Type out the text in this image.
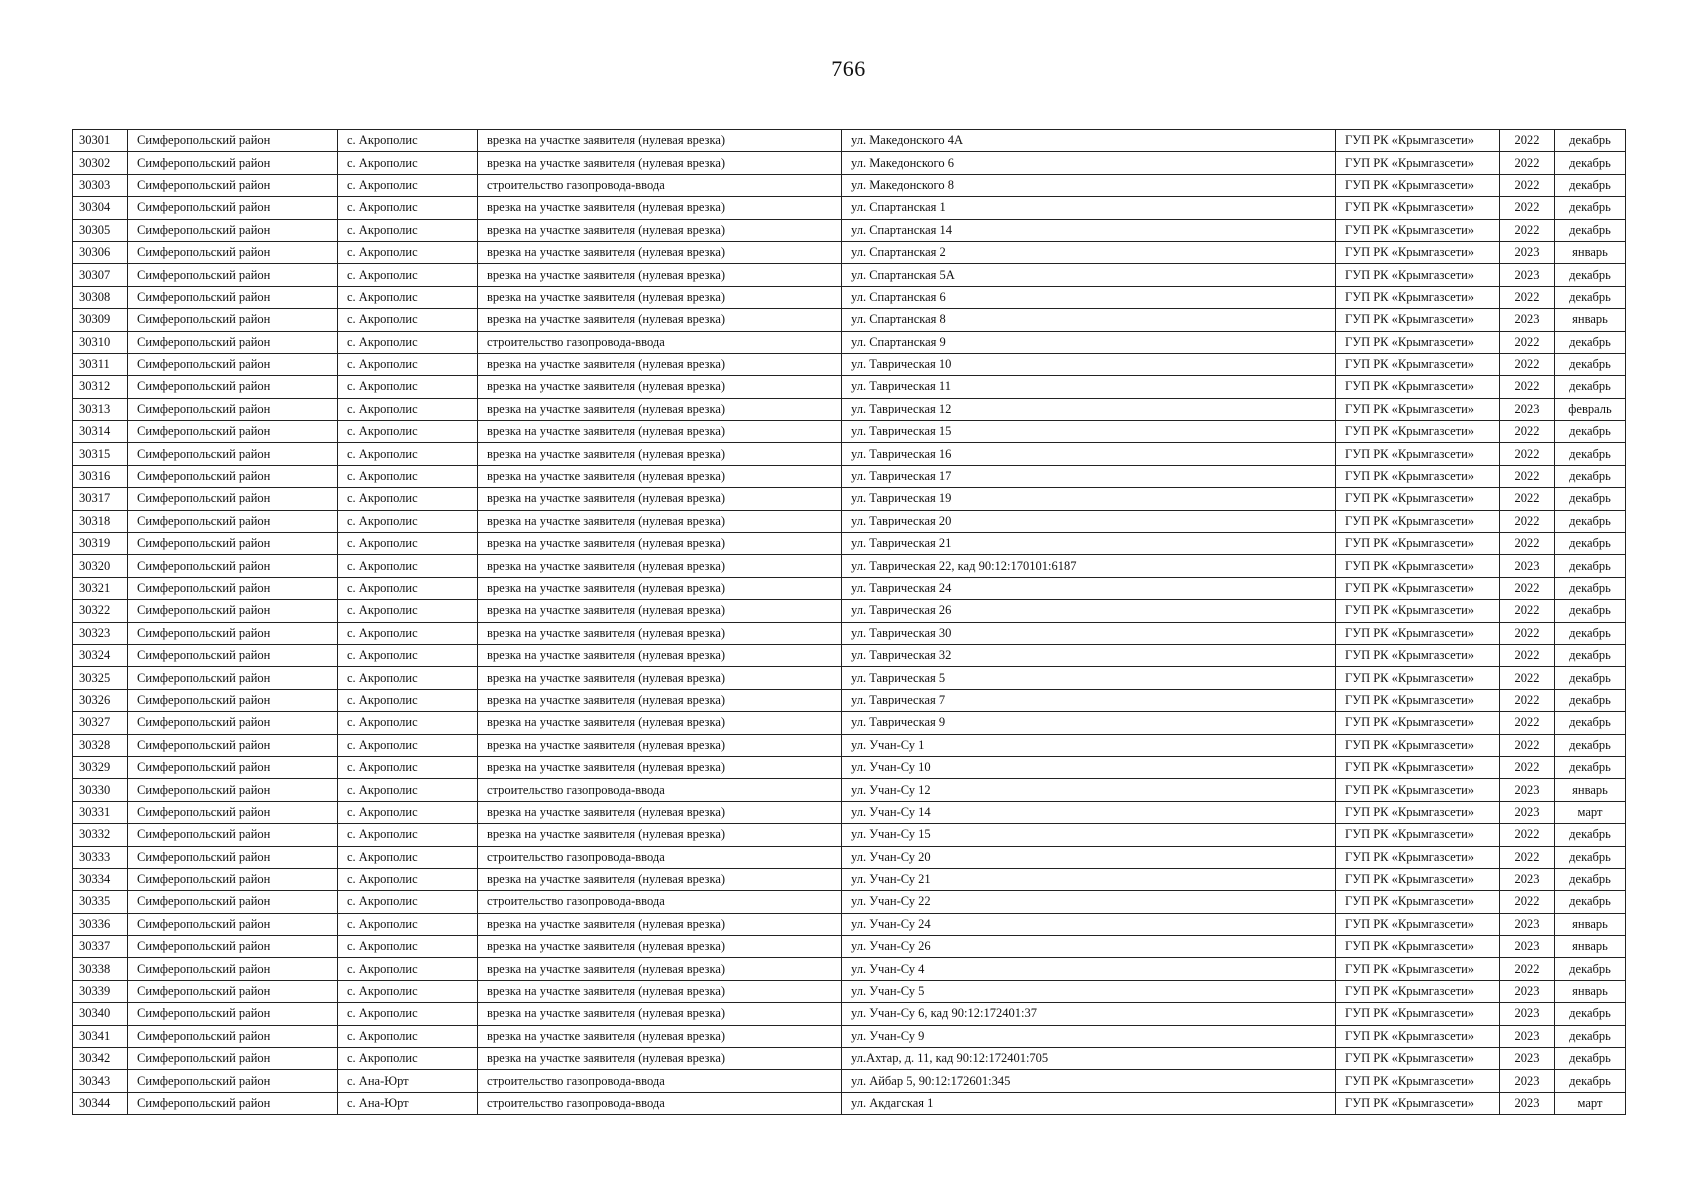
766
30301	Симферопольский район	с. Акрополис	врезка на участке заявителя (нулевая врезка)	ул. Македонского 4А	ГУП РК «Крымгазсети»	2022	декабрь
30302	Симферопольский район	с. Акрополис	врезка на участке заявителя (нулевая врезка)	ул. Македонского 6	ГУП РК «Крымгазсети»	2022	декабрь
30303	Симферопольский район	с. Акрополис	строительство газопровода-ввода	ул. Македонского 8	ГУП РК «Крымгазсети»	2022	декабрь
30304	Симферопольский район	с. Акрополис	врезка на участке заявителя (нулевая врезка)	ул. Спартанская 1	ГУП РК «Крымгазсети»	2022	декабрь
30305	Симферопольский район	с. Акрополис	врезка на участке заявителя (нулевая врезка)	ул. Спартанская 14	ГУП РК «Крымгазсети»	2022	декабрь
30306	Симферопольский район	с. Акрополис	врезка на участке заявителя (нулевая врезка)	ул. Спартанская 2	ГУП РК «Крымгазсети»	2023	январь
30307	Симферопольский район	с. Акрополис	врезка на участке заявителя (нулевая врезка)	ул. Спартанская 5А	ГУП РК «Крымгазсети»	2023	декабрь
30308	Симферопольский район	с. Акрополис	врезка на участке заявителя (нулевая врезка)	ул. Спартанская 6	ГУП РК «Крымгазсети»	2022	декабрь
30309	Симферопольский район	с. Акрополис	врезка на участке заявителя (нулевая врезка)	ул. Спартанская 8	ГУП РК «Крымгазсети»	2023	январь
30310	Симферопольский район	с. Акрополис	строительство газопровода-ввода	ул. Спартанская 9	ГУП РК «Крымгазсети»	2022	декабрь
30311	Симферопольский район	с. Акрополис	врезка на участке заявителя (нулевая врезка)	ул. Таврическая 10	ГУП РК «Крымгазсети»	2022	декабрь
30312	Симферопольский район	с. Акрополис	врезка на участке заявителя (нулевая врезка)	ул. Таврическая 11	ГУП РК «Крымгазсети»	2022	декабрь
30313	Симферопольский район	с. Акрополис	врезка на участке заявителя (нулевая врезка)	ул. Таврическая 12	ГУП РК «Крымгазсети»	2023	февраль
30314	Симферопольский район	с. Акрополис	врезка на участке заявителя (нулевая врезка)	ул. Таврическая 15	ГУП РК «Крымгазсети»	2022	декабрь
30315	Симферопольский район	с. Акрополис	врезка на участке заявителя (нулевая врезка)	ул. Таврическая 16	ГУП РК «Крымгазсети»	2022	декабрь
30316	Симферопольский район	с. Акрополис	врезка на участке заявителя (нулевая врезка)	ул. Таврическая 17	ГУП РК «Крымгазсети»	2022	декабрь
30317	Симферопольский район	с. Акрополис	врезка на участке заявителя (нулевая врезка)	ул. Таврическая 19	ГУП РК «Крымгазсети»	2022	декабрь
30318	Симферопольский район	с. Акрополис	врезка на участке заявителя (нулевая врезка)	ул. Таврическая 20	ГУП РК «Крымгазсети»	2022	декабрь
30319	Симферопольский район	с. Акрополис	врезка на участке заявителя (нулевая врезка)	ул. Таврическая 21	ГУП РК «Крымгазсети»	2022	декабрь
30320	Симферопольский район	с. Акрополис	врезка на участке заявителя (нулевая врезка)	ул. Таврическая 22, кад 90:12:170101:6187	ГУП РК «Крымгазсети»	2023	декабрь
30321	Симферопольский район	с. Акрополис	врезка на участке заявителя (нулевая врезка)	ул. Таврическая 24	ГУП РК «Крымгазсети»	2022	декабрь
30322	Симферопольский район	с. Акрополис	врезка на участке заявителя (нулевая врезка)	ул. Таврическая 26	ГУП РК «Крымгазсети»	2022	декабрь
30323	Симферопольский район	с. Акрополис	врезка на участке заявителя (нулевая врезка)	ул. Таврическая 30	ГУП РК «Крымгазсети»	2022	декабрь
30324	Симферопольский район	с. Акрополис	врезка на участке заявителя (нулевая врезка)	ул. Таврическая 32	ГУП РК «Крымгазсети»	2022	декабрь
30325	Симферопольский район	с. Акрополис	врезка на участке заявителя (нулевая врезка)	ул. Таврическая 5	ГУП РК «Крымгазсети»	2022	декабрь
30326	Симферопольский район	с. Акрополис	врезка на участке заявителя (нулевая врезка)	ул. Таврическая 7	ГУП РК «Крымгазсети»	2022	декабрь
30327	Симферопольский район	с. Акрополис	врезка на участке заявителя (нулевая врезка)	ул. Таврическая 9	ГУП РК «Крымгазсети»	2022	декабрь
30328	Симферопольский район	с. Акрополис	врезка на участке заявителя (нулевая врезка)	ул. Учан-Су 1	ГУП РК «Крымгазсети»	2022	декабрь
30329	Симферопольский район	с. Акрополис	врезка на участке заявителя (нулевая врезка)	ул. Учан-Су 10	ГУП РК «Крымгазсети»	2022	декабрь
30330	Симферопольский район	с. Акрополис	строительство газопровода-ввода	ул. Учан-Су 12	ГУП РК «Крымгазсети»	2023	январь
30331	Симферопольский район	с. Акрополис	врезка на участке заявителя (нулевая врезка)	ул. Учан-Су 14	ГУП РК «Крымгазсети»	2023	март
30332	Симферопольский район	с. Акрополис	врезка на участке заявителя (нулевая врезка)	ул. Учан-Су 15	ГУП РК «Крымгазсети»	2022	декабрь
30333	Симферопольский район	с. Акрополис	строительство газопровода-ввода	ул. Учан-Су 20	ГУП РК «Крымгазсети»	2022	декабрь
30334	Симферопольский район	с. Акрополис	врезка на участке заявителя (нулевая врезка)	ул. Учан-Су 21	ГУП РК «Крымгазсети»	2023	декабрь
30335	Симферопольский район	с. Акрополис	строительство газопровода-ввода	ул. Учан-Су 22	ГУП РК «Крымгазсети»	2022	декабрь
30336	Симферопольский район	с. Акрополис	врезка на участке заявителя (нулевая врезка)	ул. Учан-Су 24	ГУП РК «Крымгазсети»	2023	январь
30337	Симферопольский район	с. Акрополис	врезка на участке заявителя (нулевая врезка)	ул. Учан-Су 26	ГУП РК «Крымгазсети»	2023	январь
30338	Симферопольский район	с. Акрополис	врезка на участке заявителя (нулевая врезка)	ул. Учан-Су 4	ГУП РК «Крымгазсети»	2022	декабрь
30339	Симферопольский район	с. Акрополис	врезка на участке заявителя (нулевая врезка)	ул. Учан-Су 5	ГУП РК «Крымгазсети»	2023	январь
30340	Симферопольский район	с. Акрополис	врезка на участке заявителя (нулевая врезка)	ул. Учан-Су 6, кад 90:12:172401:37	ГУП РК «Крымгазсети»	2023	декабрь
30341	Симферопольский район	с. Акрополис	врезка на участке заявителя (нулевая врезка)	ул. Учан-Су 9	ГУП РК «Крымгазсети»	2023	декабрь
30342	Симферопольский район	с. Акрополис	врезка на участке заявителя (нулевая врезка)	ул.Ахтар, д. 11, кад 90:12:172401:705	ГУП РК «Крымгазсети»	2023	декабрь
30343	Симферопольский район	с. Ана-Юрт	строительство газопровода-ввода	ул. Айбар 5, 90:12:172601:345	ГУП РК «Крымгазсети»	2023	декабрь
30344	Симферопольский район	с. Ана-Юрт	строительство газопровода-ввода	ул. Акдагская 1	ГУП РК «Крымгазсети»	2023	март
